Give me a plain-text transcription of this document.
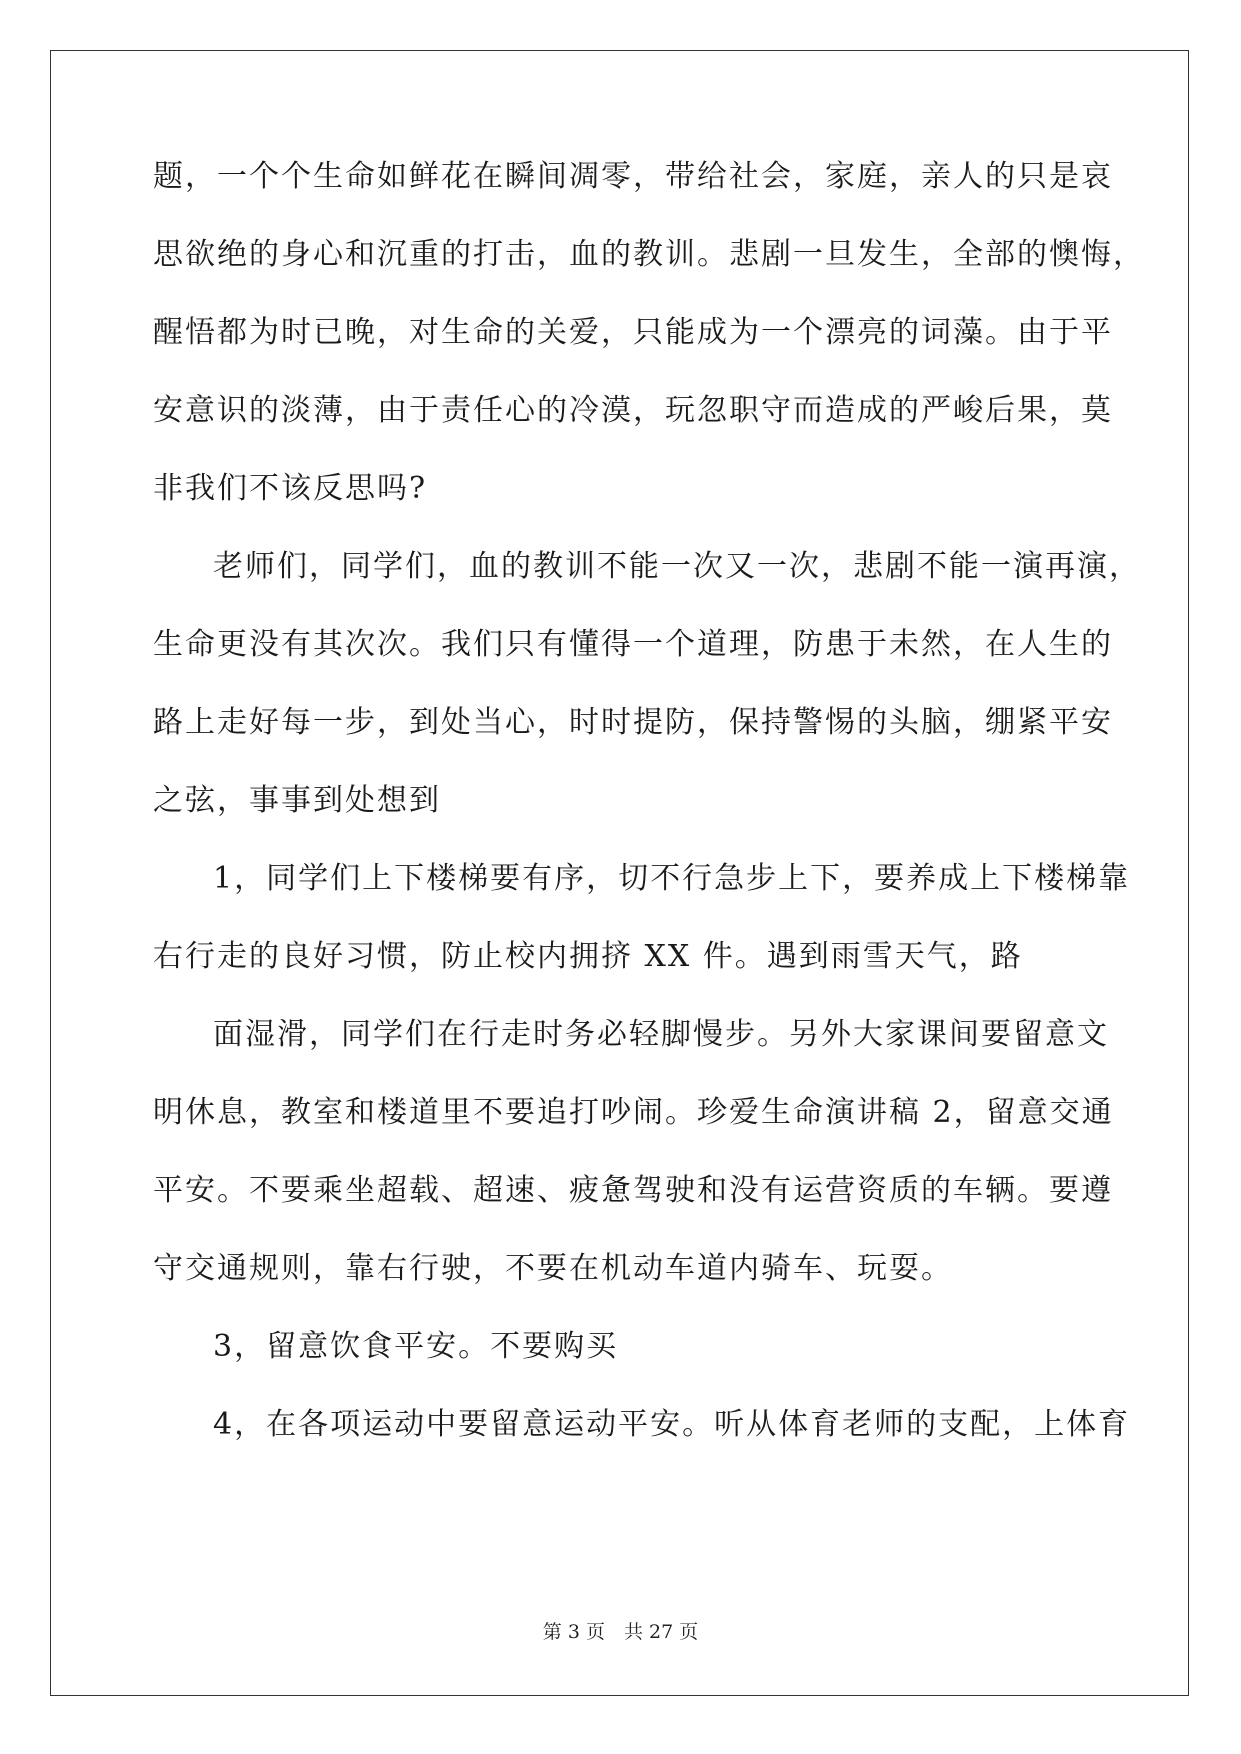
题，一个个生命如鲜花在瞬间凋零，带给社会，家庭，亲人的只是哀
思欲绝的身心和沉重的打击，血的教训。悲剧一旦发生，全部的懊悔，
醒悟都为时已晚，对生命的关爱，只能成为一个漂亮的词藻。由于平
安意识的淡薄，由于责任心的冷漠，玩忽职守而造成的严峻后果，莫
非我们不该反思吗?
老师们，同学们，血的教训不能一次又一次，悲剧不能一演再演，
生命更没有其次次。我们只有懂得一个道理，防患于未然，在人生的
路上走好每一步，到处当心，时时提防，保持警惕的头脑，绷紧平安
之弦，事事到处想到
1，同学们上下楼梯要有序，切不行急步上下，要养成上下楼梯靠
右行走的良好习惯，防止校内拥挤 XX 件。遇到雨雪天气，路
面湿滑，同学们在行走时务必轻脚慢步。另外大家课间要留意文
明休息，教室和楼道里不要追打吵闹。珍爱生命演讲稿 2，留意交通
平安。不要乘坐超载、超速、疲惫驾驶和没有运营资质的车辆。要遵
守交通规则，靠右行驶，不要在机动车道内骑车、玩耍。
3，留意饮食平安。不要购买
4，在各项运动中要留意运动平安。听从体育老师的支配，上体育
第 3 页　共 27 页
